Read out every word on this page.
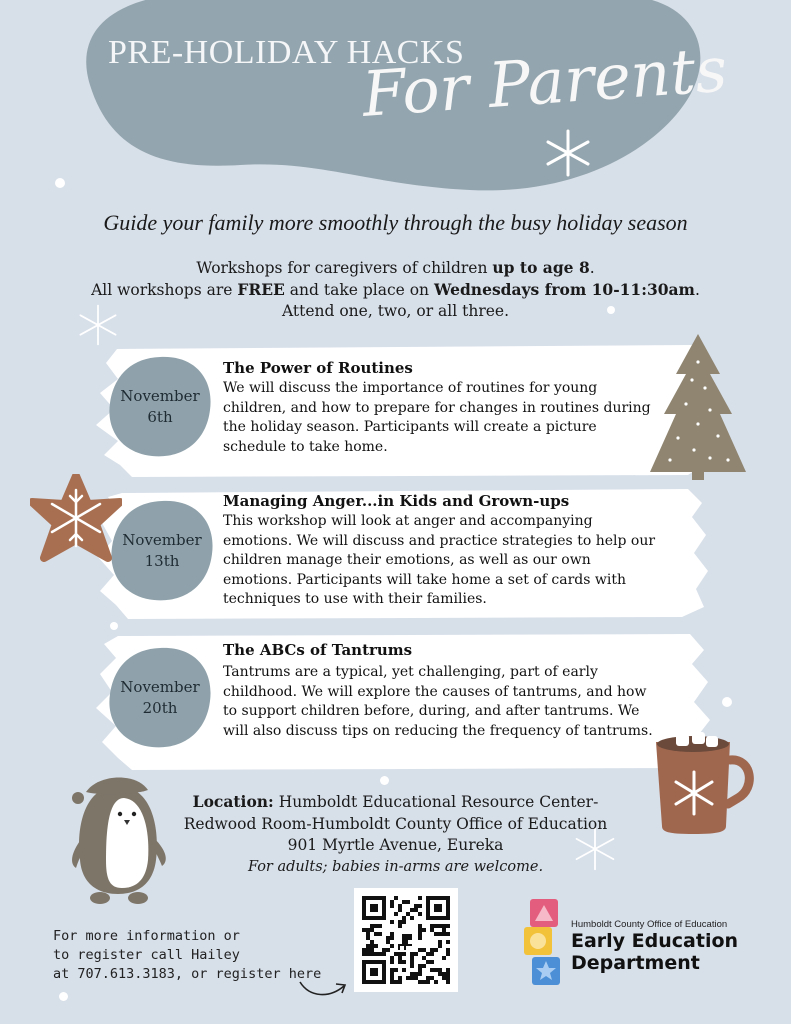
PRE-HOLIDAY HACKS
For Parents
Guide your family more smoothly through the busy holiday season

Workshops for caregivers of children up to age 8.

All workshops are FREE and take place on Wednesdays from 10-11:30am.

Attend one, two, or all three.

November
6th
The Power of Routines
We will discuss the importance of routines for young children, and how to prepare for changes in routines during the holiday season. Participants will create a picture schedule to take home.
November
13th
Managing Anger...in Kids and Grown-ups
This workshop will look at anger and accompanying emotions. We will discuss and practice strategies to help our children manage their emotions, as well as our own emotions. Participants will take home a set of cards with techniques to use with their families.
November
20th
The ABCs of Tantrums
Tantrums are a typical, yet challenging, part of early childhood. We will explore the causes of tantrums, and how to support children before, during, and after tantrums. We will also discuss tips on reducing the frequency of tantrums.

Location: Humboldt Educational Resource Center-

Redwood Room-Humboldt County Office of Education

901 Myrtle Avenue, Eureka

For adults; babies in-arms are welcome.

For more information or

to register call Hailey

at 707.613.3183, or register here

Humboldt County Office of Education

Early Education

Department
